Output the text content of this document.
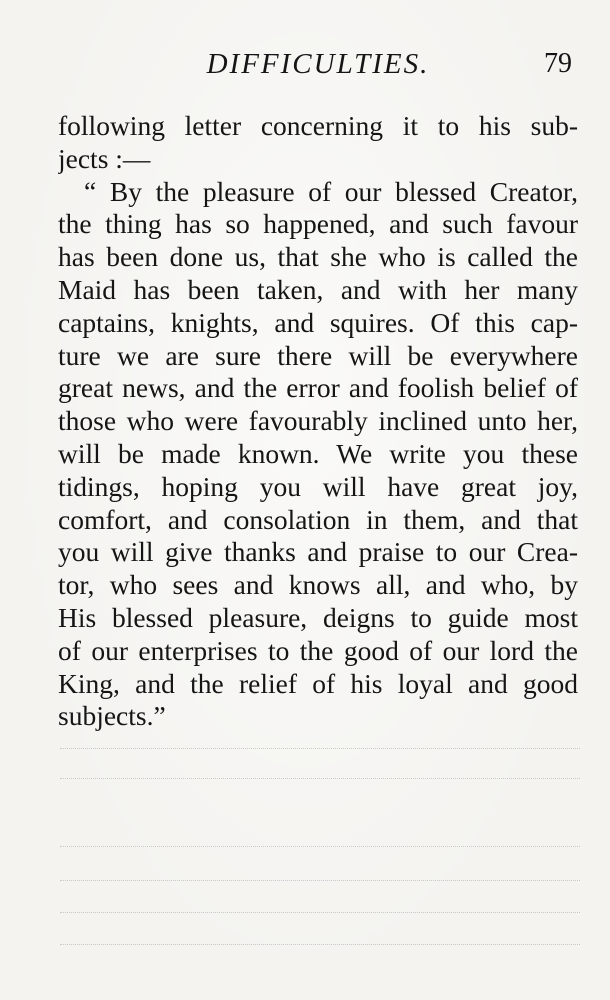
DIFFICULTIES.	79
following letter concerning it to his sub-
jects :—
“ By the pleasure of our blessed Creator,
the thing has so happened, and such favour
has been done us, that she who is called the
Maid has been taken, and with her many
captains, knights, and squires. Of this cap-
ture we are sure there will be everywhere
great news, and the error and foolish belief of
those who were favourably inclined unto her,
will be made known. We write you these
tidings, hoping you will have great joy,
comfort, and consolation in them, and that
you will give thanks and praise to our Crea-
tor, who sees and knows all, and who, by
His blessed pleasure, deigns to guide most
of our enterprises to the good of our lord the
King, and the relief of his loyal and good
subjects.”
